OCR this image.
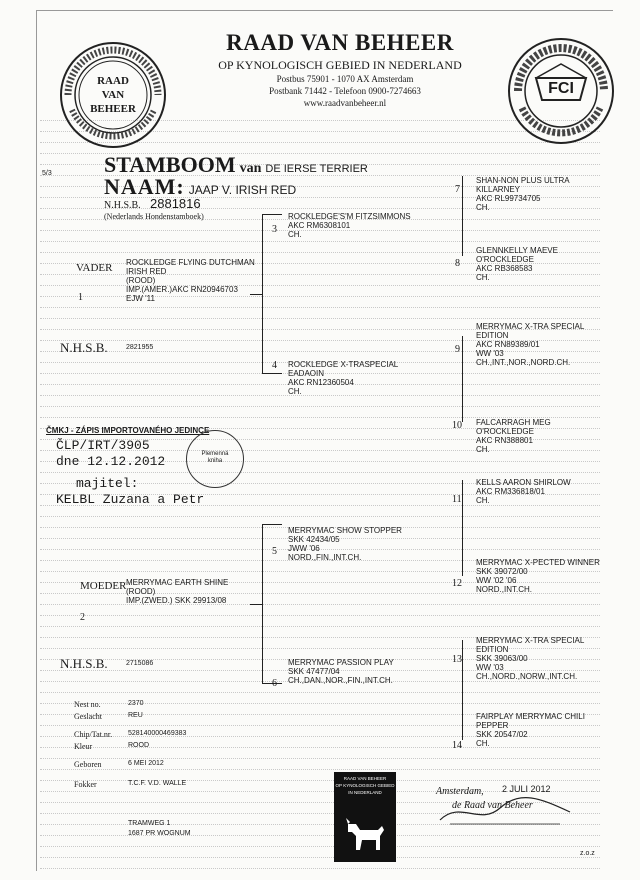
RAAD VAN BEHEER
RAAD VAN BEHEER
OP KYNOLOGISCH GEBIED IN NEDERLAND
Postbus 75901 - 1070 AX Amsterdam
Postbank 71442 - Telefoon 0900-7274663
www.raadvanbeheer.nl
FCI
5/3 STAMBOOM van DE IERSE TERRIER
NAAM: JAAP V. IRISH RED
N.H.S.B. 2881816
(Nederlands Hondenstamboek)
VADER
1
ROCKLEDGE FLYING DUTCHMAN
IRISH RED
(ROOD)
IMP.(AMER.)AKC RN20946703
EJW '11
N.H.S.B.	2821955
MOEDER
2
MERRYMAC EARTH SHINE
(ROOD)
IMP.(ZWED.) SKK 29913/08
N.H.S.B.	2715086
3
ROCKLEDGE'S'M FITZSIMMONS
AKC RM6308101
CH.
4 ROCKLEDGE X-TRASPECIAL
EADAOIN
AKC RN12360504
CH.
5
MERRYMAC SHOW STOPPER
SKK 42434/05
JWW '06
NORD.,FIN.,INT.CH.
6
MERRYMAC PASSION PLAY
SKK 47477/04
CH.,DAN.,NOR.,FIN.,INT.CH.
7
SHAN-NON PLUS ULTRA
KILLARNEY
AKC RL99734705
CH.
8
GLENNKELLY MAEVE
O'ROCKLEDGE
AKC RB368583
CH.
9
MERRYMAC X-TRA SPECIAL
EDITION
AKC RN89389/01
WW '03
CH.,INT.,NOR.,NORD.CH.
10 FALCARRAGH MEG
O'ROCKLEDGE
AKC RN388801
CH.
11
KELLS AARON SHIRLOW
AKC RM336818/01
CH.
12
MERRYMAC X-PECTED WINNER
SKK 39072/00
WW '02 '06
NORD.,INT.CH.
13
MERRYMAC X-TRA SPECIAL
EDITION
SKK 39063/00
WW '03
CH.,NORD.,NORW.,INT.CH.
14
FAIRPLAY MERRYMAC CHILI
PEPPER
SKK 20547/02
CH.
ČMKJ - ZÁPIS IMPORTOVANÉHO JEDINCE
ČLP/IRT/3905
dne 12.12.2012
majitel:
KELBL Zuzana a Petr
Plemenná kniha
Nest no.	2370
Geslacht	REU
Chip/Tat.nr. 528140000469383
Kleur	ROOD
Geboren	6 MEI 2012
Fokker	T.C.F. V.D. WALLE
TRAMWEG 1
1687 PR WOGNUM
RAAD VAN BEHEER
OP KYNOLOGISCH GEBIED
IN NEDERLAND	Amsterdam, 2 JULI 2012
de Raad van Beheer
z.o.z
